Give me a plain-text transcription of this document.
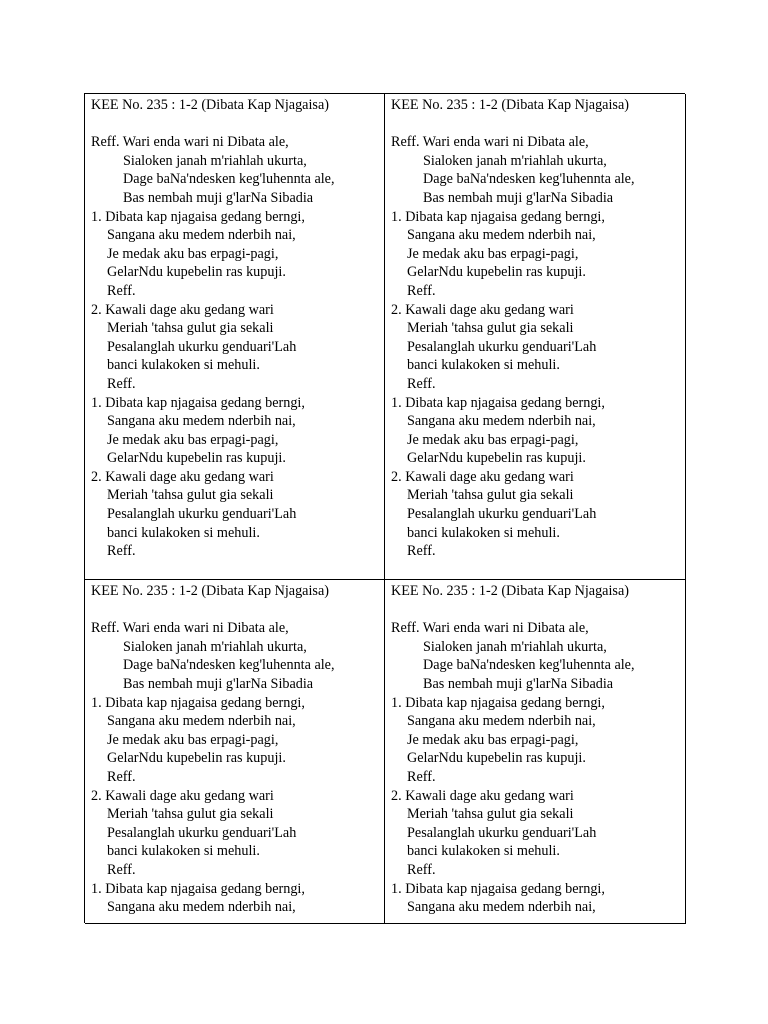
KEE No. 235 : 1-2 (Dibata Kap Njagaisa)
Reff. Wari enda wari ni Dibata ale,
Sialoken janah m'riahlah ukurta,
Dage baNa'ndesken keg'luhennta ale,
Bas nembah muji g'larNa Sibadia
1. Dibata kap njagaisa gedang berngi,
Sangana aku medem nderbih nai,
Je medak aku bas erpagi-pagi,
GelarNdu kupebelin ras kupuji.
Reff.
2. Kawali dage aku gedang wari
Meriah 'tahsa gulut gia sekali
Pesalanglah ukurku genduari'Lah
banci kulakoken si mehuli.
Reff.
1. Dibata kap njagaisa gedang berngi,
Sangana aku medem nderbih nai,
Je medak aku bas erpagi-pagi,
GelarNdu kupebelin ras kupuji.
2. Kawali dage aku gedang wari
Meriah 'tahsa gulut gia sekali
Pesalanglah ukurku genduari'Lah
banci kulakoken si mehuli.
Reff.
KEE No. 235 : 1-2 (Dibata Kap Njagaisa)
Reff. Wari enda wari ni Dibata ale,
Sialoken janah m'riahlah ukurta,
Dage baNa'ndesken keg'luhennta ale,
Bas nembah muji g'larNa Sibadia
1. Dibata kap njagaisa gedang berngi,
Sangana aku medem nderbih nai,
Je medak aku bas erpagi-pagi,
GelarNdu kupebelin ras kupuji.
Reff.
2. Kawali dage aku gedang wari
Meriah 'tahsa gulut gia sekali
Pesalanglah ukurku genduari'Lah
banci kulakoken si mehuli.
Reff.
1. Dibata kap njagaisa gedang berngi,
Sangana aku medem nderbih nai,
Je medak aku bas erpagi-pagi,
GelarNdu kupebelin ras kupuji.
2. Kawali dage aku gedang wari
Meriah 'tahsa gulut gia sekali
Pesalanglah ukurku genduari'Lah
banci kulakoken si mehuli.
Reff.
KEE No. 235 : 1-2 (Dibata Kap Njagaisa)
Reff. Wari enda wari ni Dibata ale,
Sialoken janah m'riahlah ukurta,
Dage baNa'ndesken keg'luhennta ale,
Bas nembah muji g'larNa Sibadia
1. Dibata kap njagaisa gedang berngi,
Sangana aku medem nderbih nai,
Je medak aku bas erpagi-pagi,
GelarNdu kupebelin ras kupuji.
Reff.
2. Kawali dage aku gedang wari
Meriah 'tahsa gulut gia sekali
Pesalanglah ukurku genduari'Lah
banci kulakoken si mehuli.
Reff.
1. Dibata kap njagaisa gedang berngi,
Sangana aku medem nderbih nai,
KEE No. 235 : 1-2 (Dibata Kap Njagaisa)
Reff. Wari enda wari ni Dibata ale,
Sialoken janah m'riahlah ukurta,
Dage baNa'ndesken keg'luhennta ale,
Bas nembah muji g'larNa Sibadia
1. Dibata kap njagaisa gedang berngi,
Sangana aku medem nderbih nai,
Je medak aku bas erpagi-pagi,
GelarNdu kupebelin ras kupuji.
Reff.
2. Kawali dage aku gedang wari
Meriah 'tahsa gulut gia sekali
Pesalanglah ukurku genduari'Lah
banci kulakoken si mehuli.
Reff.
1. Dibata kap njagaisa gedang berngi,
Sangana aku medem nderbih nai,
